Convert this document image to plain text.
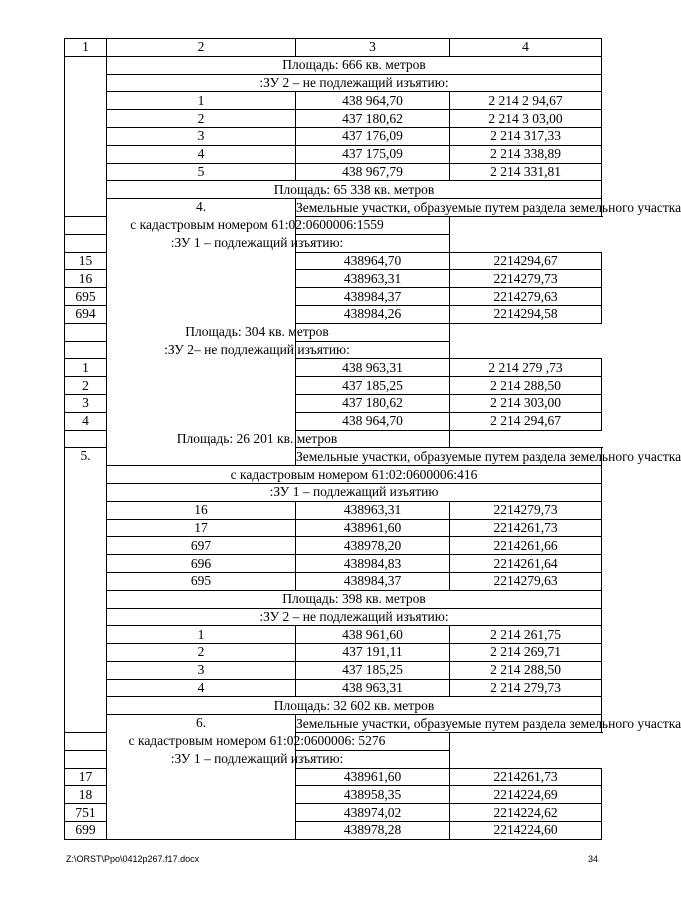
1	2	3	4
	Площадь: 666 кв. метров		
	:ЗУ 2 – не подлежащий изъятию:		
	1	438 964,70	2 214 2 94,67
	2	437 180,62	2 214 3 03,00
	3	437 176,09	2 214 317,33
	4	437 175,09	2 214 338,89
	5	438 967,79	2 214 331,81
	Площадь: 65 338 кв. метров		
	4.	Земельные участки, образуемые путем раздела земельного участка	
с кадастровым номером 61:02:0600006:1559			
:ЗУ 1 – подлежащий изъятию:			
15		438964,70	2214294,67
16		438963,31	2214279,73
695		438984,37	2214279,63
694		438984,26	2214294,58
Площадь: 304 кв. метров			
:ЗУ 2– не подлежащий изъятию:			
1		438 963,31	2 214 279 ,73
2		437 185,25	2 214 288,50
3		437 180,62	2 214 303,00
4		438 964,70	2 214 294,67
Площадь: 26 201 кв. метров			
5.		Земельные участки, образуемые путем раздела земельного участка	
	с кадастровым номером 61:02:0600006:416		
	:ЗУ 1 – подлежащий изъятию		
	16	438963,31	2214279,73
	17	438961,60	2214261,73
	697	438978,20	2214261,66
	696	438984,83	2214261,64
	695	438984,37	2214279,63
	Площадь: 398 кв. метров		
	:ЗУ 2 – не подлежащий изъятию:		
	1	438 961,60	2 214 261,75
	2	437 191,11	2 214 269,71
	3	437 185,25	2 214 288,50
	4	438 963,31	2 214 279,73
	Площадь: 32 602 кв. метров		
	6.	Земельные участки, образуемые путем раздела земельного участка	
с кадастровым номером 61:02:0600006: 5276			
:ЗУ 1 – подлежащий изъятию:			
17		438961,60	2214261,73
18		438958,35	2214224,69
751		438974,02	2214224,62
699		438978,28	2214224,60
Z:\ORST\Ppo\0412p267.f17.docx	34
